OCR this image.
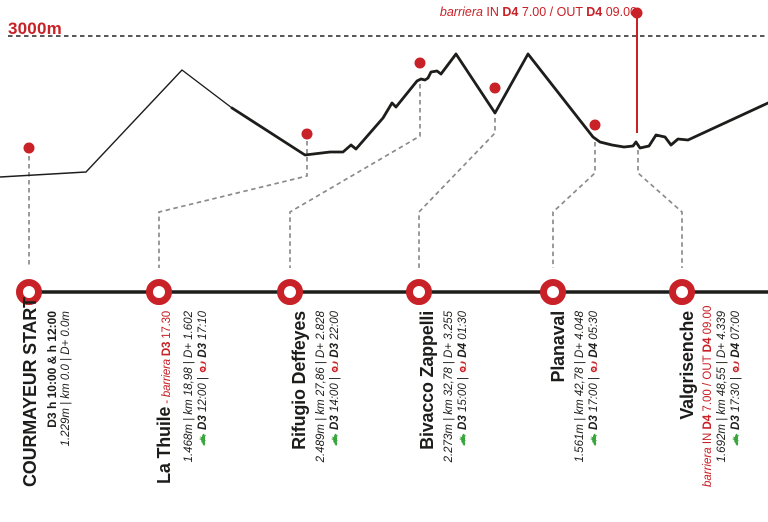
3000m
barriera IN D4 7.00 / OUT D4 09.00
COURMAYEUR START D3 h 10:00 & h 12:00 1.229m | km 0.0 | D+ 0.0m	La Thuile - barriera D3 17.30 1.468m | km 18,98 | D+ 1.602 D3 12:00 |  D3 17:10	Rifugio Deffeyes 2.489m | km 27,86 | D+ 2.828 D3 14:00 |  D3 22:00	Bivacco Zappelli 2.273m | km 32,78 | D+ 3.255 D3 15:00 |  D4 01:30	Planaval 1.561m | km 42,78 | D+ 4.048 D3 17:00 |  D4 05:30	Valgrisenche
barriera IN D4 7.00 / OUT D4 09.00 1.692m | km 48,55 | D+ 4.339 D3 17:30 |  D4 07:00
